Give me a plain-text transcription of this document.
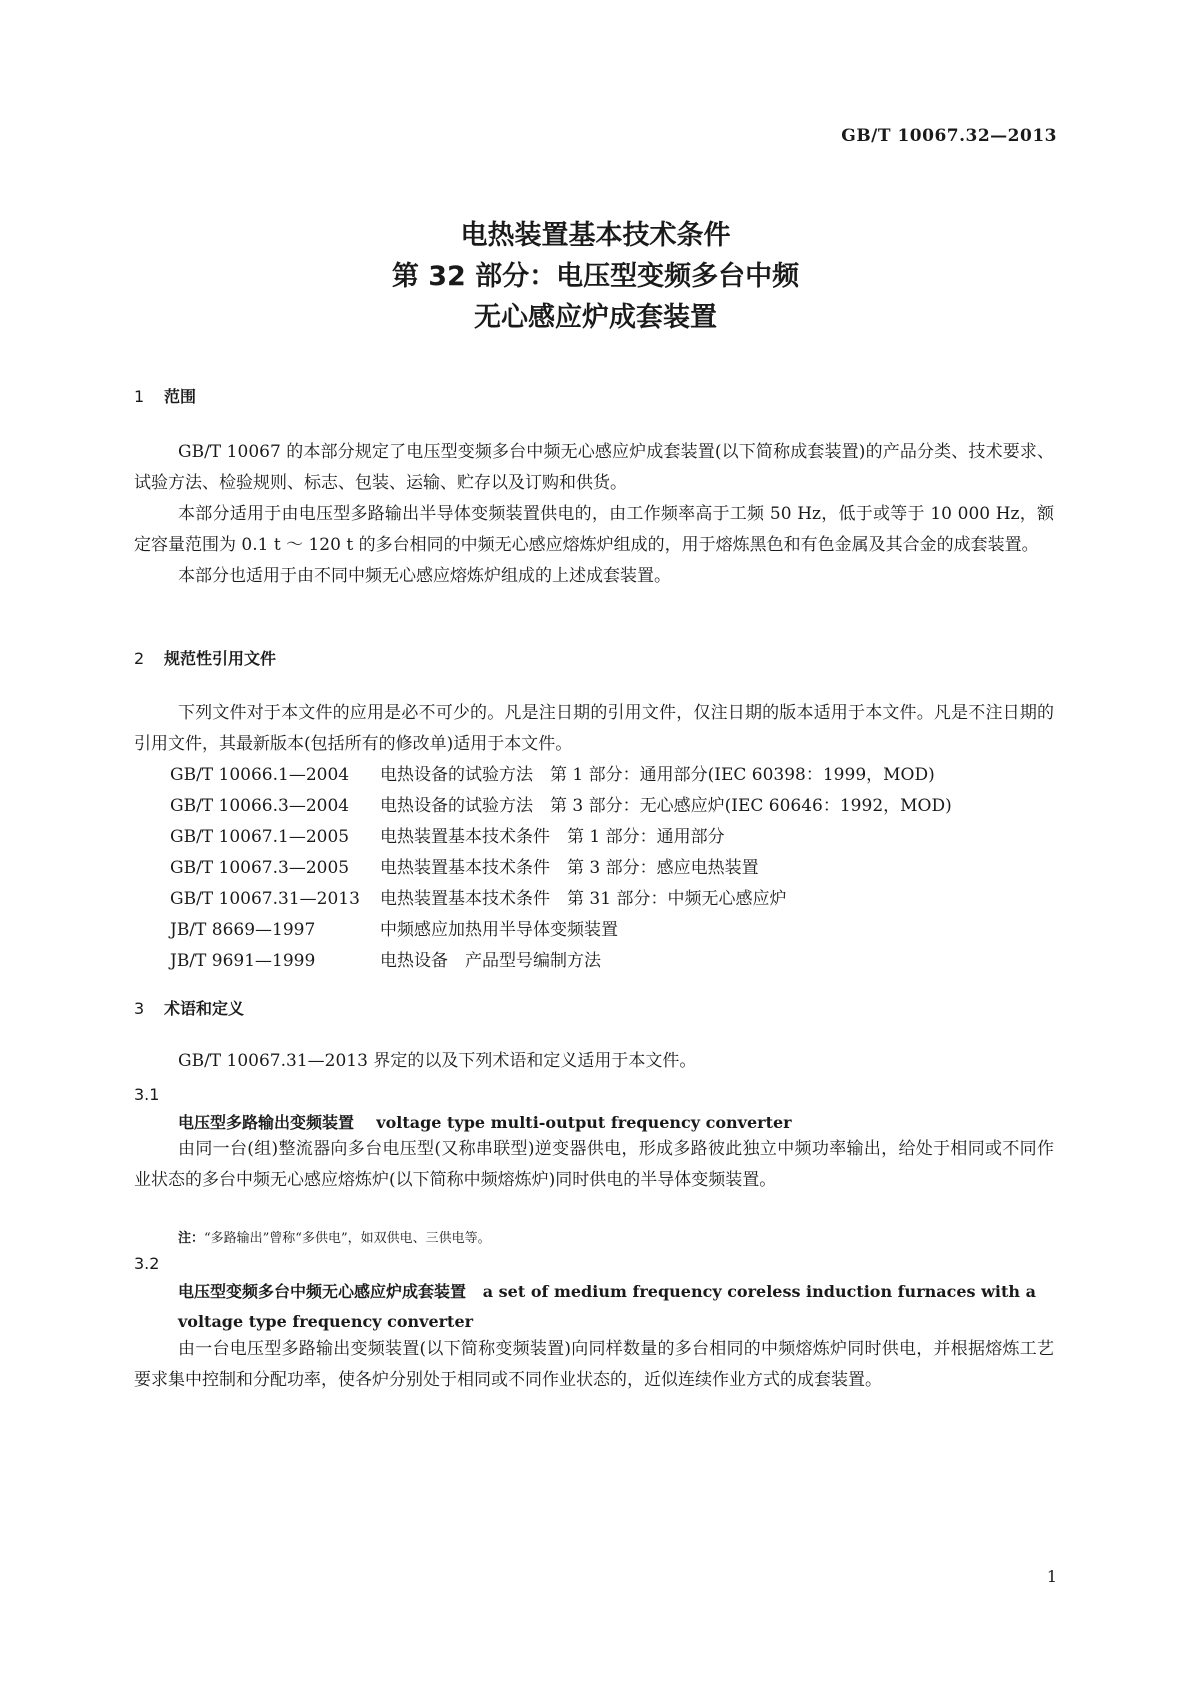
GB/T 10067.32—2013
电热装置基本技术条件
第 32 部分：电压型变频多台中频
无心感应炉成套装置
1 范围

GB/T 10067 的本部分规定了电压型变频多台中频无心感应炉成套装置(以下简称成套装置)的产品分类、技术要求、试验方法、检验规则、标志、包装、运输、贮存以及订购和供货。

本部分适用于由电压型多路输出半导体变频装置供电的，由工作频率高于工频 50 Hz，低于或等于 10 000 Hz，额定容量范围为 0.1 t ～ 120 t 的多台相同的中频无心感应熔炼炉组成的，用于熔炼黑色和有色金属及其合金的成套装置。

本部分也适用于由不同中频无心感应熔炼炉组成的上述成套装置。

2 规范性引用文件

下列文件对于本文件的应用是必不可少的。凡是注日期的引用文件，仅注日期的版本适用于本文件。凡是不注日期的引用文件，其最新版本(包括所有的修改单)适用于本文件。

GB/T 10066.1—2004 电热设备的试验方法　第 1 部分：通用部分(IEC 60398：1999，MOD)
GB/T 10066.3—2004 电热设备的试验方法　第 3 部分：无心感应炉(IEC 60646：1992，MOD)
GB/T 10067.1—2005 电热装置基本技术条件　第 1 部分：通用部分
GB/T 10067.3—2005 电热装置基本技术条件　第 3 部分：感应电热装置
GB/T 10067.31—2013 电热装置基本技术条件　第 31 部分：中频无心感应炉
JB/T 8669—1997	中频感应加热用半导体变频装置
JB/T 9691—1999	电热设备　产品型号编制方法
3 术语和定义

GB/T 10067.31—2013 界定的以及下列术语和定义适用于本文件。

3.1
电压型多路输出变频装置 voltage type multi-output frequency converter

由同一台(组)整流器向多台电压型(又称串联型)逆变器供电，形成多路彼此独立中频功率输出，给处于相同或不同作业状态的多台中频无心感应熔炼炉(以下简称中频熔炼炉)同时供电的半导体变频装置。

注：“多路输出”曾称“多供电”，如双供电、三供电等。
3.2
电压型变频多台中频无心感应炉成套装置 a set of medium frequency coreless induction furnaces with a voltage type frequency converter

由一台电压型多路输出变频装置(以下简称变频装置)向同样数量的多台相同的中频熔炼炉同时供电，并根据熔炼工艺要求集中控制和分配功率，使各炉分别处于相同或不同作业状态的，近似连续作业方式的成套装置。

1
